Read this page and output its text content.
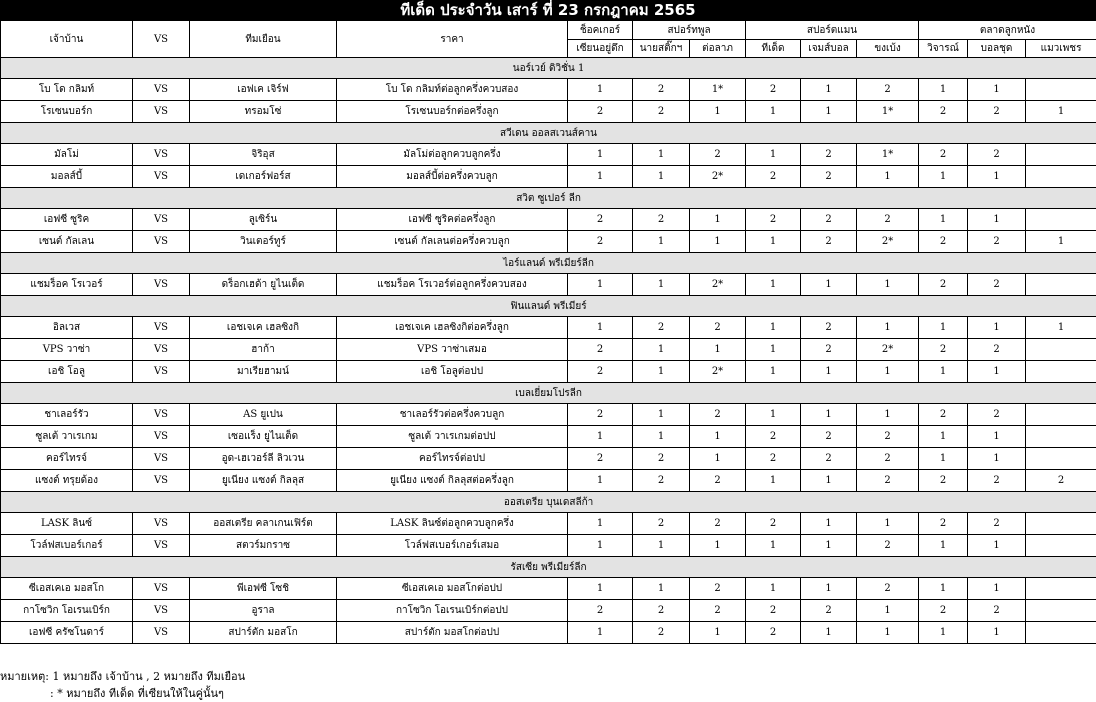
ทีเด็ด ประจำวัน เสาร์ ที่ 23 กรกฎาคม 2565
เจ้าบ้าน	VS	ทีมเยือน	ราคา	ช็อคเกอร์	สปอร์ทพูล		สปอร์ตแมน			ตลาดลูกหนัง		
				เซียนอยู่ดึก	นายสติ๊กฯ	ต่อลาภ	ทีเด็ด	เจมส์บอล	ขงเบ้ง	วิจารณ์	บอลชุด	แมวเพชร
นอร์เวย์ ดิวิชั่น 1												
โบ โด กลิมท์	VS	เอฟเค เจิร์ฟ	โบ โด กลิมท์ต่อลูกครึ่งควบสอง	1	2	1*	2	1	2	1	1	
โรเซนบอร์ก	VS	ทรอมโซ่	โรเซนบอร์กต่อครึ่งลูก	2	2	1	1	1	1*	2	2	1
สวีเดน ออลสเวนส์คาน												
มัลโม่	VS	จิริอุส	มัลโม่ต่อลูกควบลูกครึ่ง	1	1	2	1	2	1*	2	2	
มอลส์บี้	VS	เดเกอร์ฟอร์ส	มอลส์บี้ต่อครึ่งควบลูก	1	1	2*	2	2	1	1	1	
สวิต ซูเปอร์ ลีก												
เอฟซี ซูริค	VS	ลูเซิร์น	เอฟซี ซูริคต่อครึ่งลูก	2	2	1	2	2	2	1	1	
เซนต์ กัลเลน	VS	วินเตอร์ทูร์	เซนต์ กัลเลนต่อครึ่งควบลูก	2	1	1	1	2	2*	2	2	1
ไอร์แลนด์ พรีเมียร์ลีก												
แชมร็อค โรเวอร์	VS	ดร็อกเฮด้า ยูไนเต็ด	แชมร็อค โรเวอร์ต่อลูกครึ่งควบสอง	1	1	2*	1	1	1	2	2	
ฟินแลนด์ พรีเมียร์												
อิลเวส	VS	เอชเจเค เฮลซิงกิ	เอชเจเค เฮลซิงกิต่อครึ่งลูก	1	2	2	1	2	1	1	1	1
VPS วาซ่า	VS	ฮาก้า	VPS วาซ่าเสมอ	2	1	1	1	2	2*	2	2	
เอชิ โอลู	VS	มาเรียฮามน์	เอชิ โอลูต่อปป	2	1	2*	1	1	1	1	1	
เบลเยี่ยมโปรลีก												
ชาเลอร์รัว	VS	AS ยูเปน	ชาเลอร์รัวต่อครึ่งควบลูก	2	1	2	1	1	1	2	2	
ซูลเต้ วาเรเกม	VS	เซอแร็ง ยูไนเต็ด	ซูลเต้ วาเรเกมต่อปป	1	1	1	2	2	2	1	1	
คอร์ไทรจ์	VS	อูด-เฮเวอร์ลี ลิวเวน	คอร์ไทรจ์ต่อปป	2	2	1	2	2	2	1	1	
แซงต์ ทรุยด้อง	VS	ยูเนียง แซงต์ กิลลุส	ยูเนียง แซงต์ กิลลุสต่อครึ่งลูก	1	2	2	1	1	2	2	2	2
ออสเตรีย บุนเดสลีก้า												
LASK ลินซ์	VS	ออสเตรีย คลาเกนเฟิร์ต	LASK ลินซ์ต่อลูกควบลูกครึ่ง	1	2	2	2	1	1	2	2	
โวล์ฟสเบอร์เกอร์	VS	สตวร์มกราซ	โวล์ฟสเบอร์เกอร์เสมอ	1	1	1	1	1	2	1	1	
รัสเซีย พรีเมียร์ลีก												
ซีเอสเคเอ มอสโก	VS	พีเอฟซี โซชิ	ซีเอสเคเอ มอสโกต่อปป	1	1	2	1	1	2	1	1	
กาโซวิก โอเรนเบิร์ก	VS	อูราล	กาโซวิก โอเรนเบิร์กต่อปป	2	2	2	2	2	1	2	2	
เอฟซี ครัซโนดาร์	VS	สปาร์ตัก มอสโก	สปาร์ตัก มอสโกต่อปป	1	2	1	2	1	1	1	1	
หมายเหตุ: 1 หมายถึง เจ้าบ้าน , 2 หมายถึง ทีมเยือน
: * หมายถึง ทีเด็ด ที่เซียนให้ในคู่นั้นๆ
